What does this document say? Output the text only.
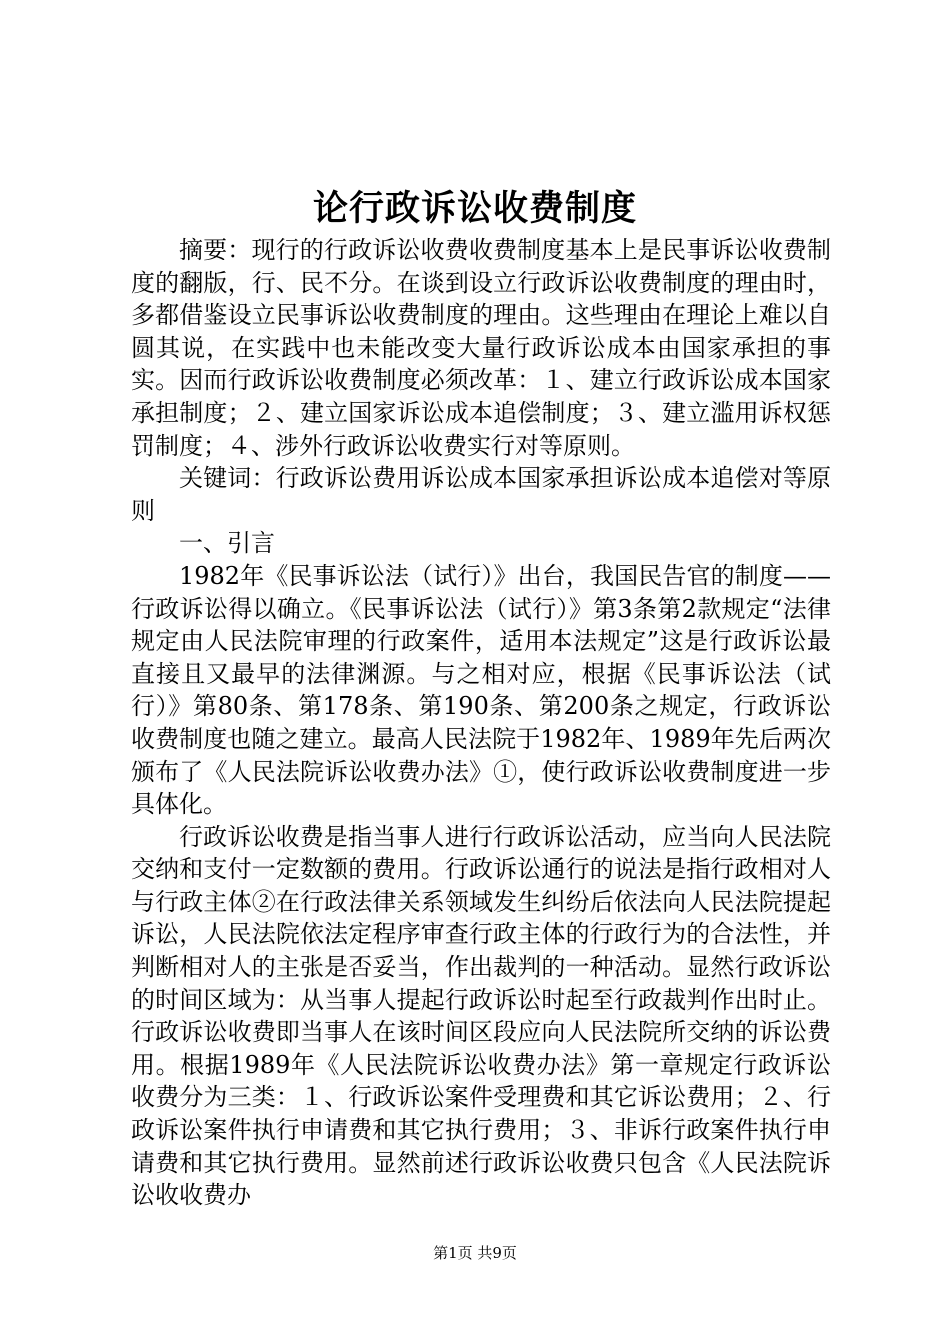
论行政诉讼收费制度

摘要：现行的行政诉讼收费收费制度基本上是民事诉讼收费制度的翻版，行、民不分。在谈到设立行政诉讼收费制度的理由时，多都借鉴设立民事诉讼收费制度的理由。这些理由在理论上难以自圆其说，在实践中也未能改变大量行政诉讼成本由国家承担的事实。因而行政诉讼收费制度必须改革：１、建立行政诉讼成本国家承担制度；２、建立国家诉讼成本追偿制度；３、建立滥用诉权惩罚制度；４、涉外行政诉讼收费实行对等原则。

关键词：行政诉讼费用诉讼成本国家承担诉讼成本追偿对等原则

一、引言

1982年《民事诉讼法（试行）》出台，我国民告官的制度——行政诉讼得以确立。《民事诉讼法（试行）》第3条第2款规定“法律规定由人民法院审理的行政案件，适用本法规定”这是行政诉讼最直接且又最早的法律渊源。与之相对应，根据《民事诉讼法（试行）》第80条、第178条、第190条、第200条之规定，行政诉讼收费制度也随之建立。最高人民法院于1982年、1989年先后两次颁布了《人民法院诉讼收费办法》①，使行政诉讼收费制度进一步具体化。

行政诉讼收费是指当事人进行行政诉讼活动，应当向人民法院交纳和支付一定数额的费用。行政诉讼通行的说法是指行政相对人与行政主体②在行政法律关系领域发生纠纷后依法向人民法院提起诉讼，人民法院依法定程序审查行政主体的行政行为的合法性，并判断相对人的主张是否妥当，作出裁判的一种活动。显然行政诉讼的时间区域为：从当事人提起行政诉讼时起至行政裁判作出时止。行政诉讼收费即当事人在该时间区段应向人民法院所交纳的诉讼费用。根据1989年《人民法院诉讼收费办法》第一章规定行政诉讼收费分为三类：１、行政诉讼案件受理费和其它诉讼费用；２、行政诉讼案件执行申请费和其它执行费用；３、非诉行政案件执行申请费和其它执行费用。显然前述行政诉讼收费只包含《人民法院诉讼收收费办

第1页 共9页
